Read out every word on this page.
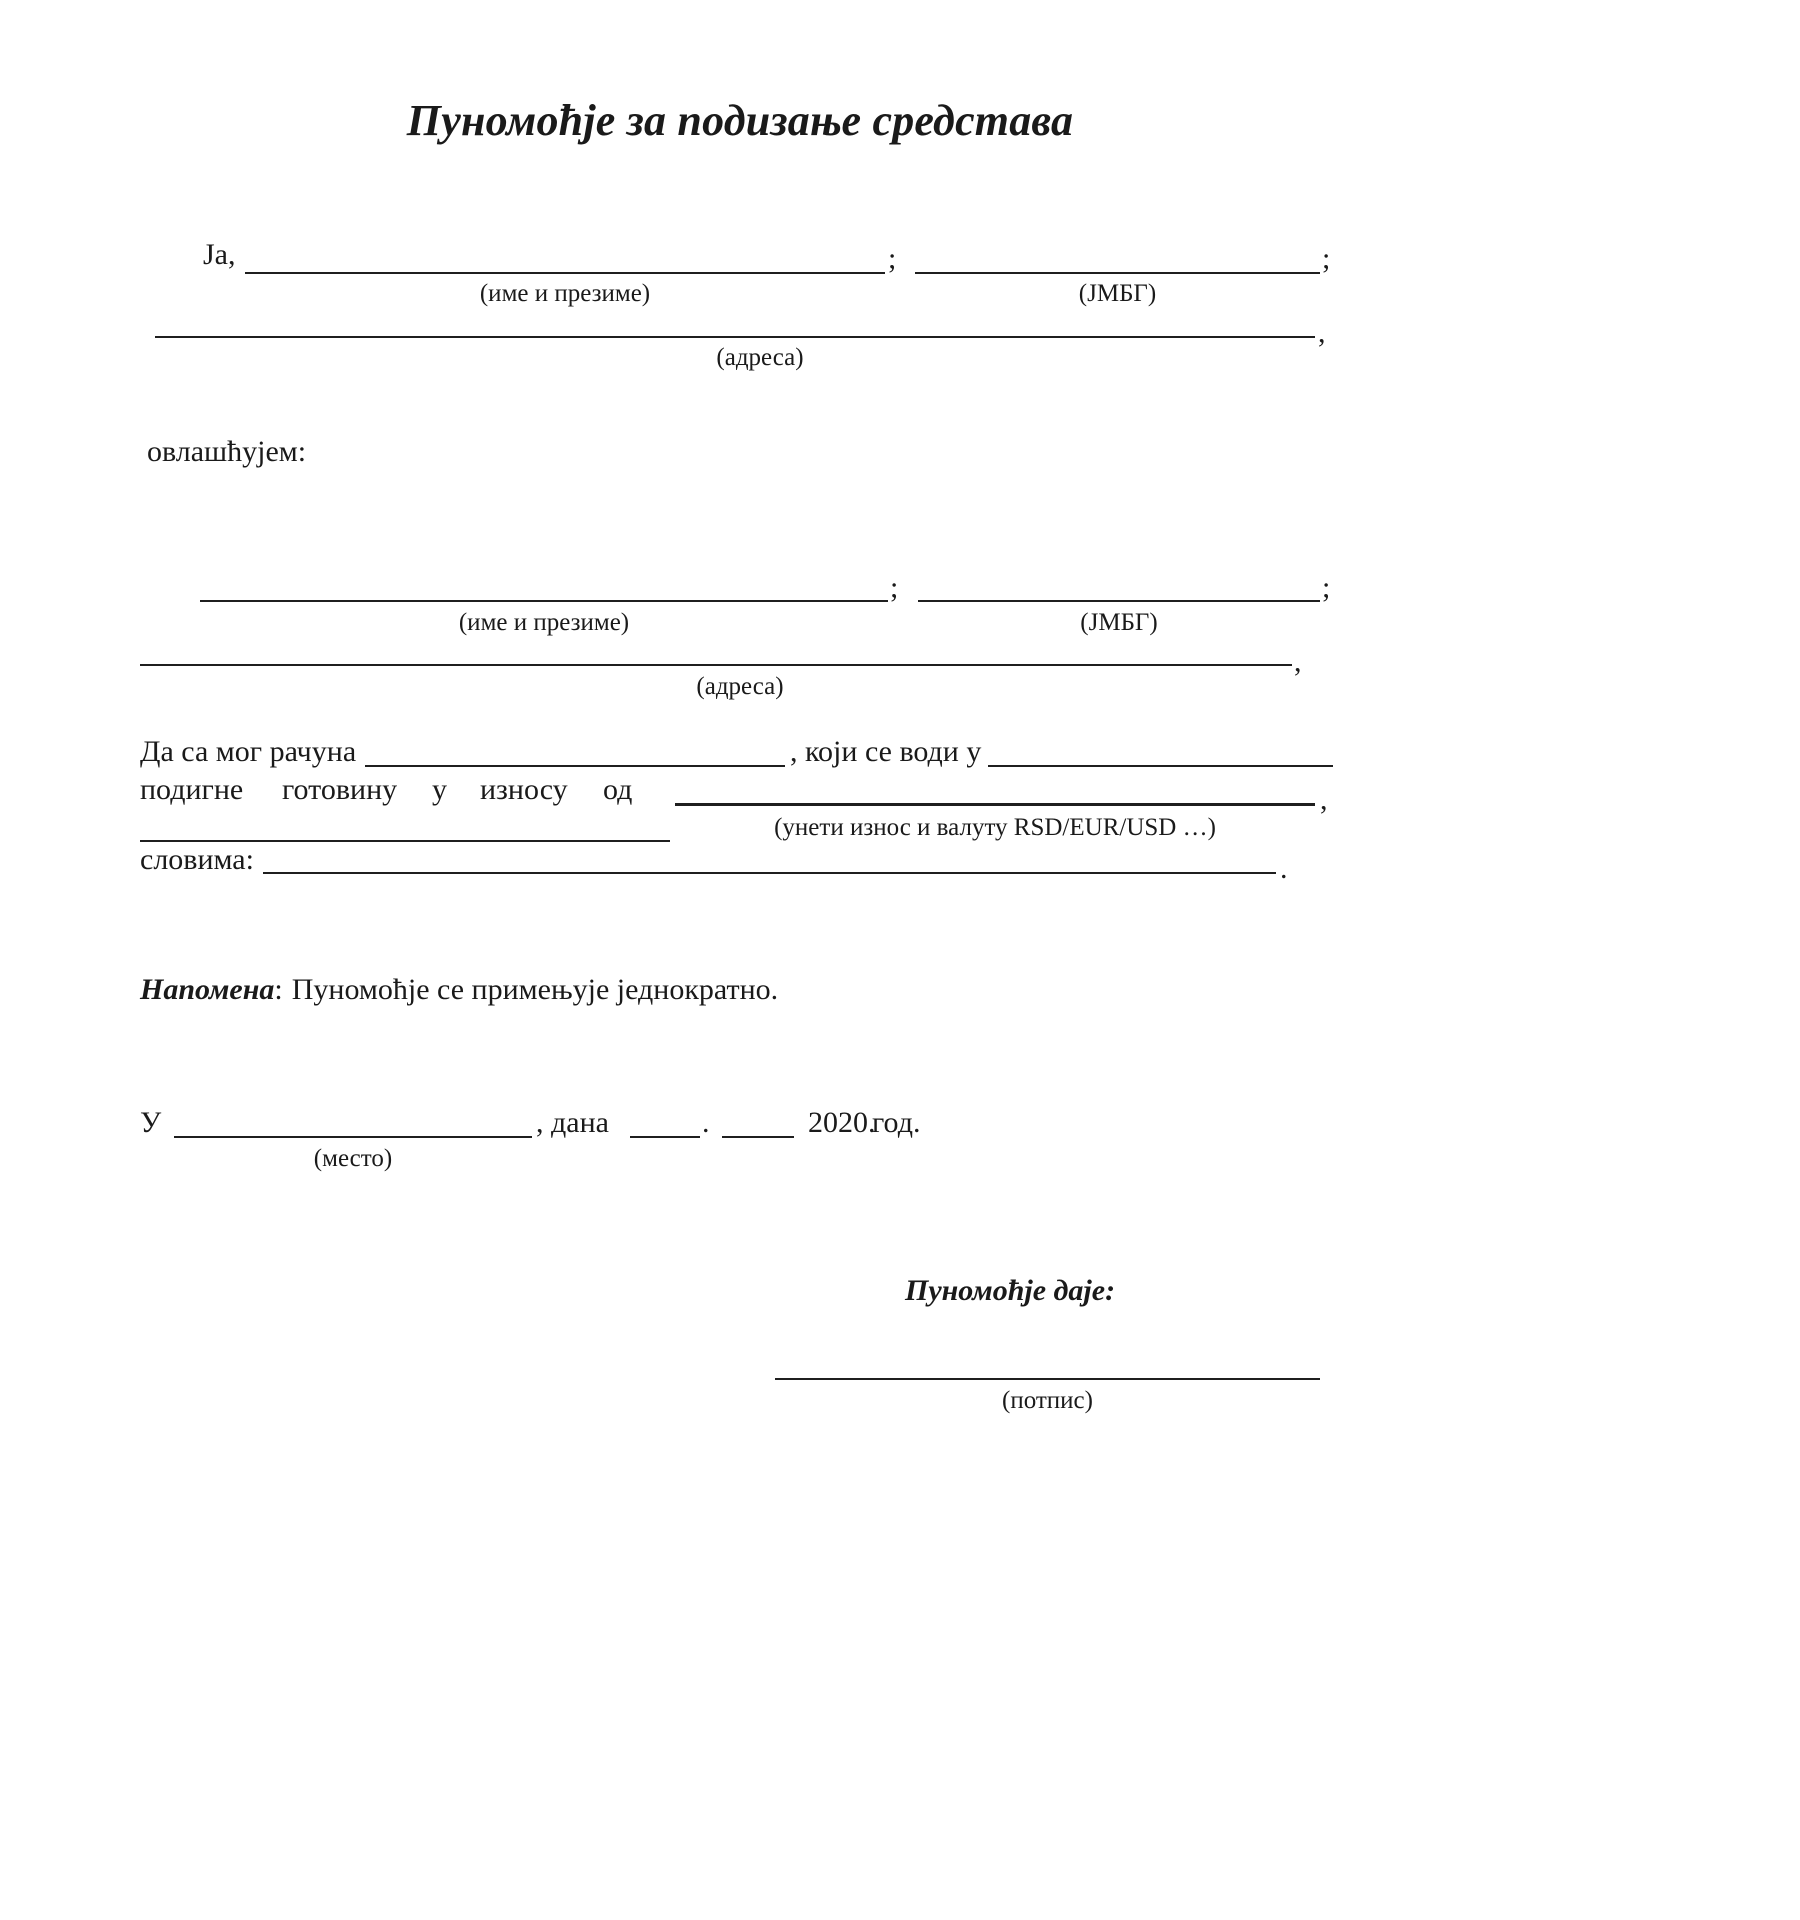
Пуномоћје за подизање средстава
Ја,
(име и презиме)
;
(ЈМБГ)
;
(адреса)
,
овлашћујем:
(име и презиме)
;
(ЈМБГ)
;
(адреса)
,
Да са мог рачуна	, који се води у
подигне готовину у износу од	,
(унети износ и валуту RSD/EUR/USD …)
словима:	.
Напомена: Пуномоћје се примењује једнократно.
У
(место)
, дана	.	2020.
год.
Пуномоћје даје:
(потпис)
